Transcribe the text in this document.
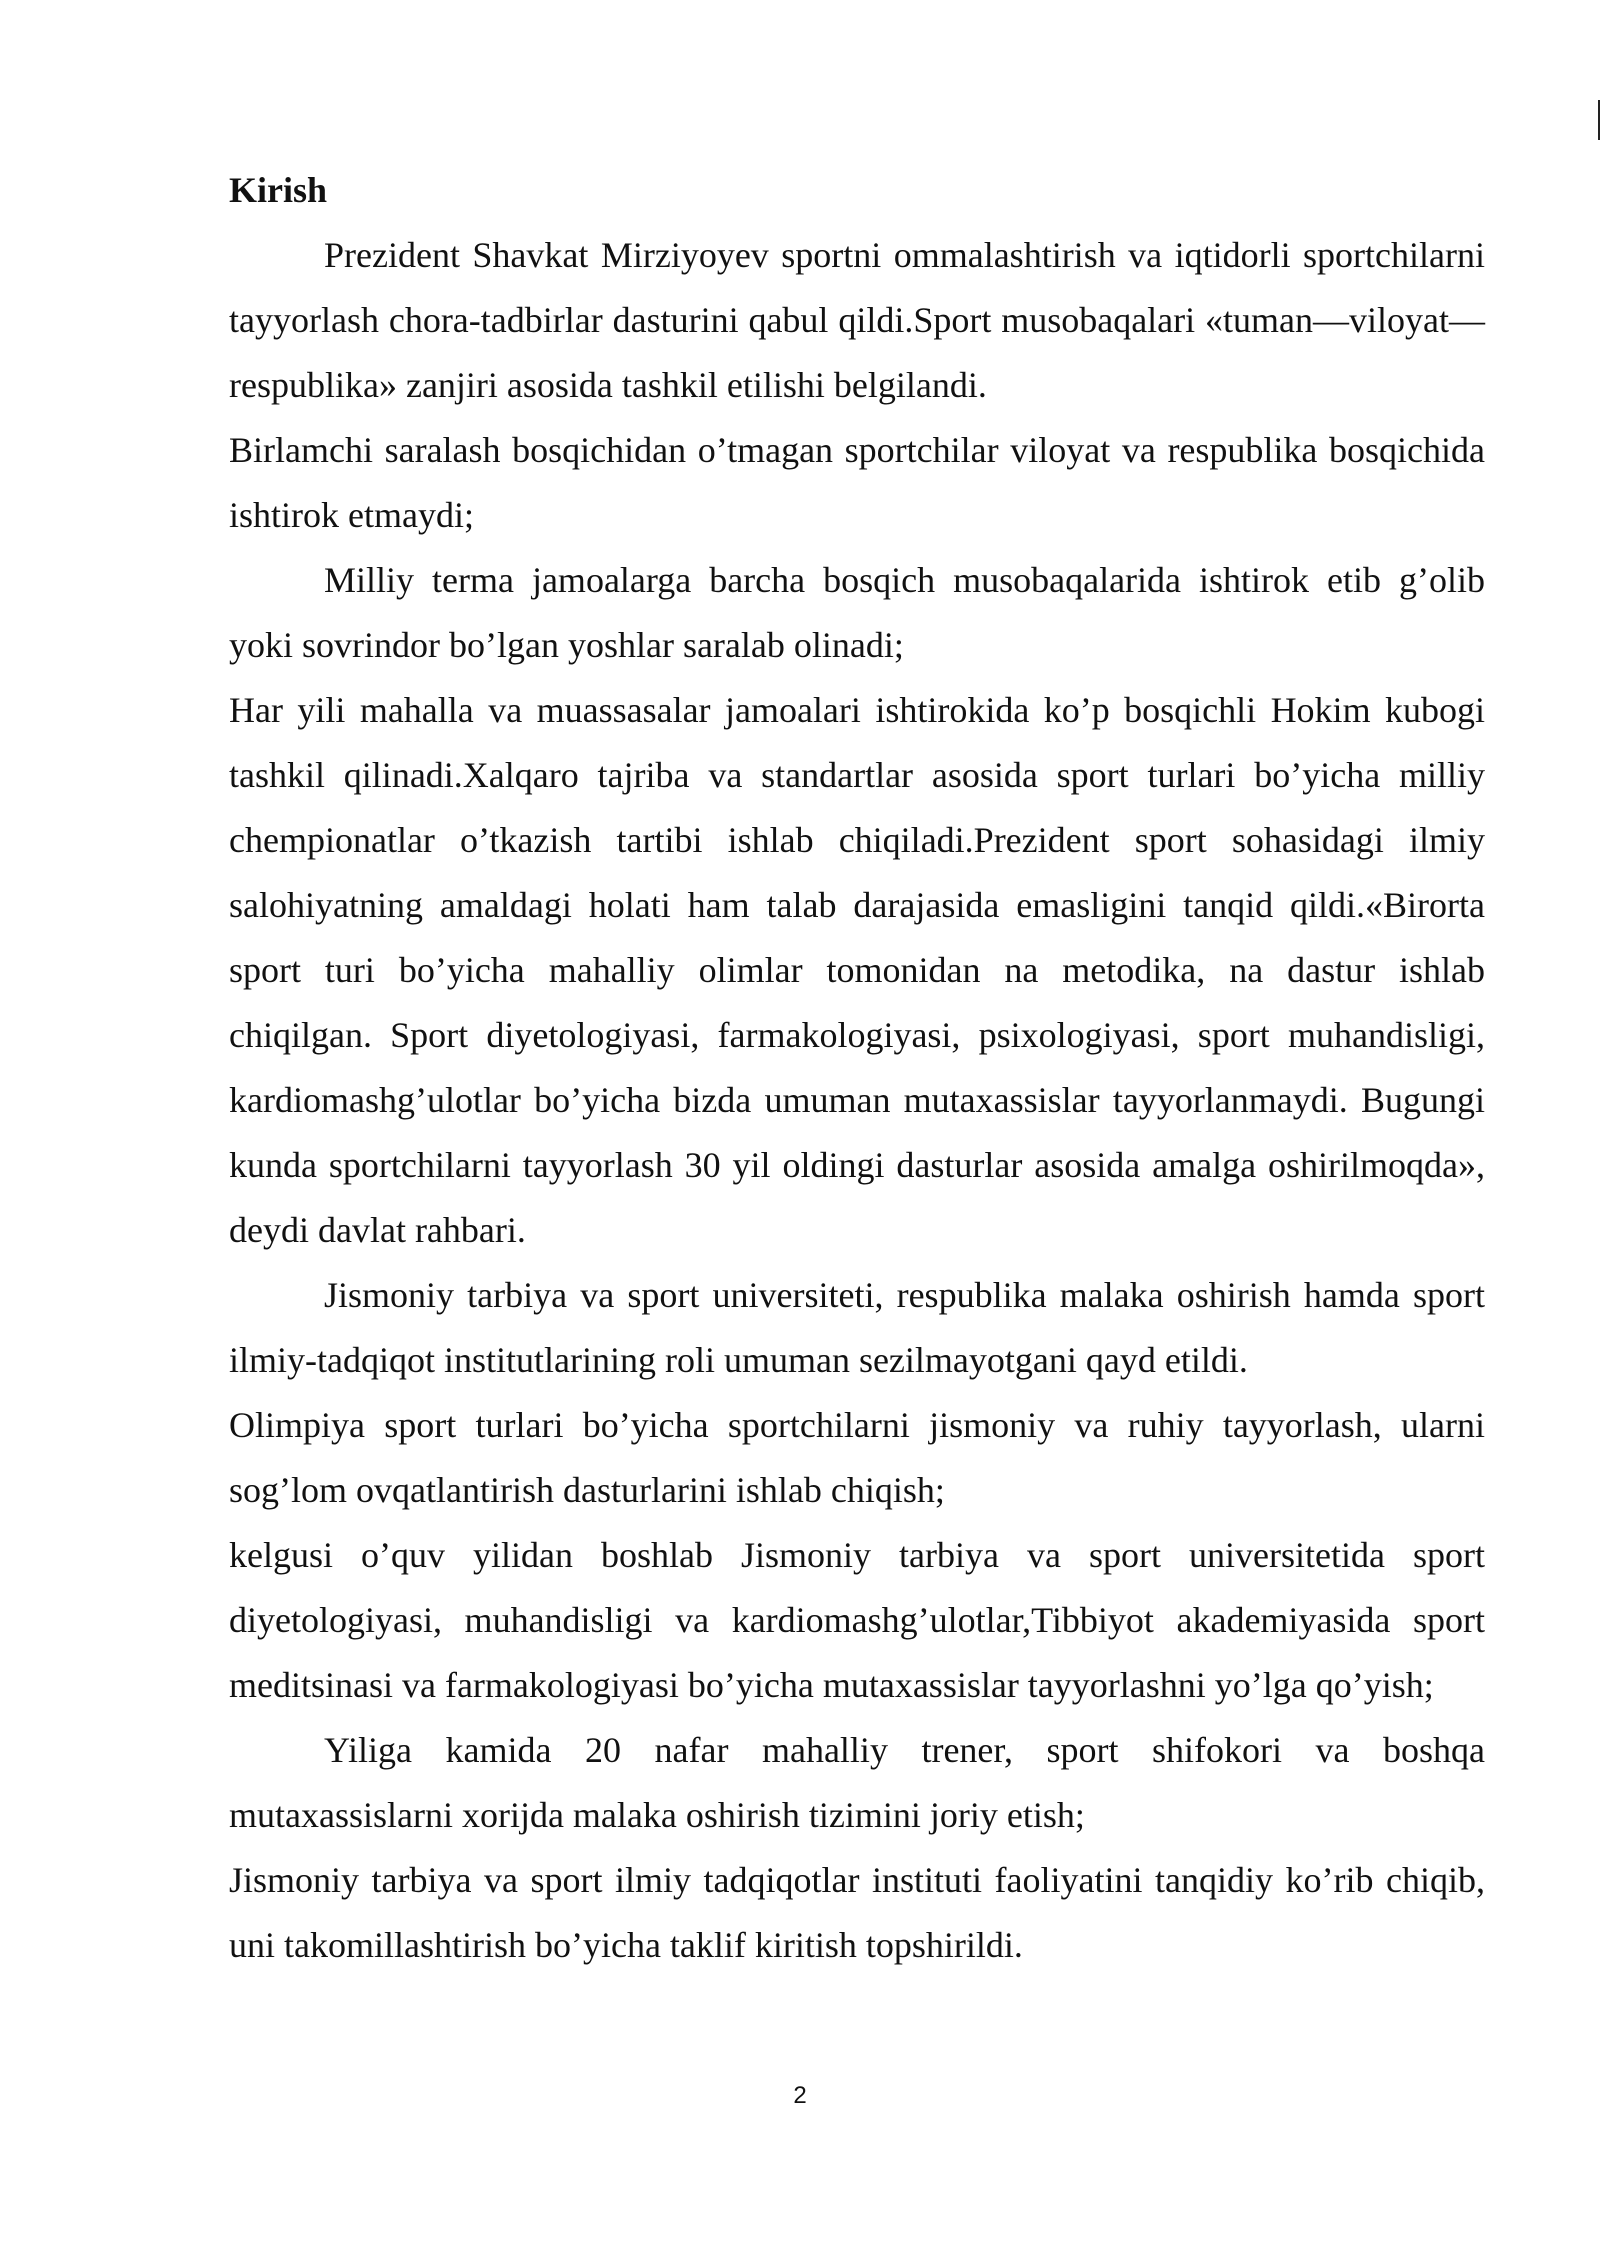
Kirish

Prezident Shavkat Mirziyoyev sportni ommalashtirish va iqtidorli sportchilarni tayyorlash chora-tadbirlar dasturini qabul qildi.Sport musobaqalari «tuman—viloyat—respublika» zanjiri asosida tashkil etilishi belgilandi.

Birlamchi saralash bosqichidan o’tmagan sportchilar viloyat va respublika bosqichida ishtirok etmaydi;

Milliy terma jamoalarga barcha bosqich musobaqalarida ishtirok etib g’olib yoki sovrindor bo’lgan yoshlar saralab olinadi;

Har yili mahalla va muassasalar jamoalari ishtirokida ko’p bosqichli Hokim kubogi tashkil qilinadi.Xalqaro tajriba va standartlar asosida sport turlari bo’yicha milliy chempionatlar o’tkazish tartibi ishlab chiqiladi.Prezident sport sohasidagi ilmiy salohiyatning amaldagi holati ham talab darajasida emasligini tanqid qildi.«Birorta sport turi bo’yicha mahalliy olimlar tomonidan na metodika, na dastur ishlab chiqilgan. Sport diyetologiyasi, farmakologiyasi, psixologiyasi, sport muhandisligi, kardiomashg’ulotlar bo’yicha bizda umuman mutaxassislar tayyorlanmaydi. Bugungi kunda sportchilarni tayyorlash 30 yil oldingi dasturlar asosida amalga oshirilmoqda», deydi davlat rahbari.

Jismoniy tarbiya va sport universiteti, respublika malaka oshirish hamda sport ilmiy-tadqiqot institutlarining roli umuman sezilmayotgani qayd etildi.

Olimpiya sport turlari bo’yicha sportchilarni jismoniy va ruhiy tayyorlash, ularni sog’lom ovqatlantirish dasturlarini ishlab chiqish;

kelgusi o’quv yilidan boshlab Jismoniy tarbiya va sport universitetida sport diyetologiyasi, muhandisligi va kardiomashg’ulotlar,Tibbiyot akademiyasida sport meditsinasi va farmakologiyasi bo’yicha mutaxassislar tayyorlashni yo’lga qo’yish;

Yiliga kamida 20 nafar mahalliy trener, sport shifokori va boshqa mutaxassislarni xorijda malaka oshirish tizimini joriy etish;

Jismoniy tarbiya va sport ilmiy tadqiqotlar instituti faoliyatini tanqidiy ko’rib chiqib, uni takomillashtirish bo’yicha taklif kiritish topshirildi.

2
